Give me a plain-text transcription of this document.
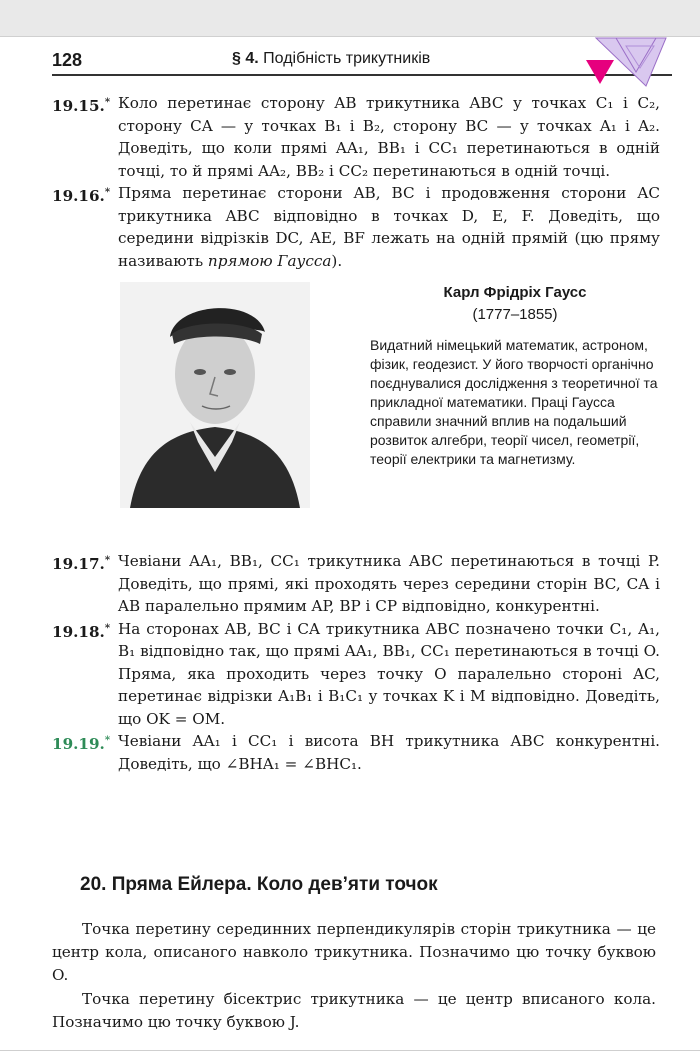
128	§ 4. Подібність трикутників
19.15.* Коло перетинає сторону AB трикутника ABC у точках C₁ і C₂, сторону CA — у точках B₁ і B₂, сторону BC — у точках A₁ і A₂. Доведіть, що коли прямі AA₁, BB₁ і CC₁ перетинаються в одній точці, то й прямі AA₂, BB₂ і CC₂ перетинаються в одній точці.
19.16.* Пряма перетинає сторони AB, BC і продовження сторони AC трикутника ABC відповідно в точках D, E, F. Доведіть, що середини відрізків DC, AE, BF лежать на одній прямій (цю пряму називають прямою Гаусса).
Карл Фрідріх Гаусс
(1777–1855)
Видатний німецький математик, астроном, фізик, геодезист. У його творчості органічно поєднувалися дослідження з теоретичної та прикладної математики. Праці Гаусса справили значний вплив на подальший розвиток алгебри, теорії чисел, геометрії, теорії електрики та магнетизму.
19.17.* Чевіани AA₁, BB₁, CC₁ трикутника ABC перетинаються в точці P. Доведіть, що прямі, які проходять через середини сторін BC, CA і AB паралельно прямим AP, BP і CP відповідно, конкурентні.
19.18.* На сторонах AB, BC і CA трикутника ABC позначено точки C₁, A₁, B₁ відповідно так, що прямі AA₁, BB₁, CC₁ перетинаються в точці O. Пряма, яка проходить через точку O паралельно стороні AC, перетинає відрізки A₁B₁ і B₁C₁ у точках K і M відповідно. Доведіть, що OK = OM.
19.19.* Чевіани AA₁ і CC₁ і висота BH трикутника ABC конкурентні. Доведіть, що ∠BHA₁ = ∠BHC₁.
20. Пряма Ейлера. Коло дев’яти точок
Точка перетину серединних перпендикулярів сторін трикутника — це центр кола, описаного навколо трикутника. Позначимо цю точку буквою O.
Точка перетину бісектрис трикутника — це центр вписаного кола. Позначимо цю точку буквою J.
